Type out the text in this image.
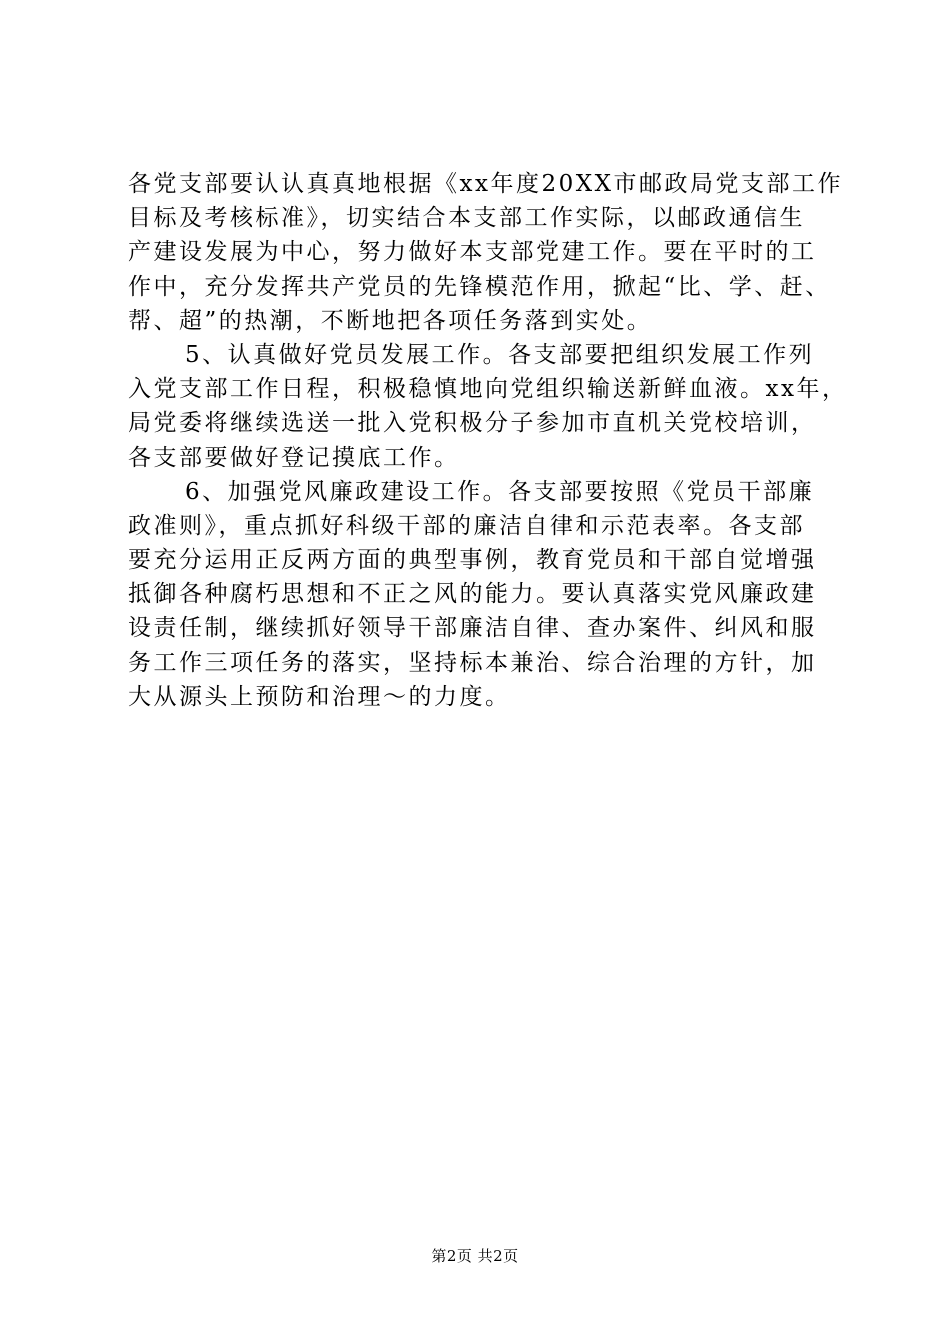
各党支部要认认真真地根据《xx年度20XX市邮政局党支部工作
目标及考核标准》，切实结合本支部工作实际，以邮政通信生
产建设发展为中心，努力做好本支部党建工作。要在平时的工
作中，充分发挥共产党员的先锋模范作用，掀起“比、学、赶、
帮、超”的热潮，不断地把各项任务落到实处。
5、认真做好党员发展工作。各支部要把组织发展工作列
入党支部工作日程，积极稳慎地向党组织输送新鲜血液。xx年，
局党委将继续选送一批入党积极分子参加市直机关党校培训，
各支部要做好登记摸底工作。
6、加强党风廉政建设工作。各支部要按照《党员干部廉
政准则》，重点抓好科级干部的廉洁自律和示范表率。各支部
要充分运用正反两方面的典型事例，教育党员和干部自觉增强
抵御各种腐朽思想和不正之风的能力。要认真落实党风廉政建
设责任制，继续抓好领导干部廉洁自律、查办案件、纠风和服
务工作三项任务的落实，坚持标本兼治、综合治理的方针，加
大从源头上预防和治理～的力度。
第2页 共2页
